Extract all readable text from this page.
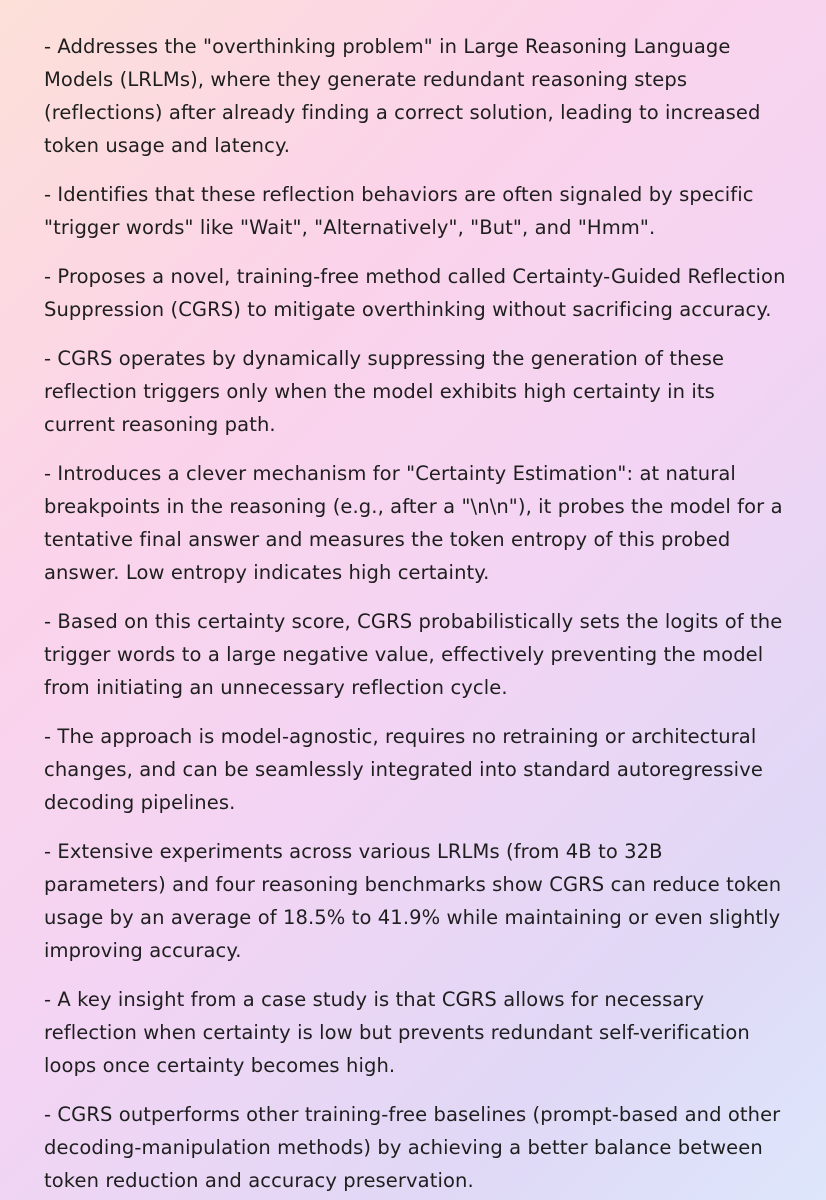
- Addresses the "overthinking problem" in Large Reasoning Language Models (LRLMs), where they generate redundant reasoning steps (reflections) after already finding a correct solution, leading to increased token usage and latency.

- Identifies that these reflection behaviors are often signaled by specific "trigger words" like "Wait", "Alternatively", "But", and "Hmm".

- Proposes a novel, training-free method called Certainty-Guided Reflection Suppression (CGRS) to mitigate overthinking without sacrificing accuracy.

- CGRS operates by dynamically suppressing the generation of these reflection triggers only when the model exhibits high certainty in its current reasoning path.

- Introduces a clever mechanism for "Certainty Estimation": at natural breakpoints in the reasoning (e.g., after a "\n\n"), it probes the model for a tentative final answer and measures the token entropy of this probed answer. Low entropy indicates high certainty.

- Based on this certainty score, CGRS probabilistically sets the logits of the trigger words to a large negative value, effectively preventing the model from initiating an unnecessary reflection cycle.

- The approach is model-agnostic, requires no retraining or architectural changes, and can be seamlessly integrated into standard autoregressive decoding pipelines.

- Extensive experiments across various LRLMs (from 4B to 32B parameters) and four reasoning benchmarks show CGRS can reduce token usage by an average of 18.5% to 41.9% while maintaining or even slightly improving accuracy.

- A key insight from a case study is that CGRS allows for necessary reflection when certainty is low but prevents redundant self-verification loops once certainty becomes high.

- CGRS outperforms other training-free baselines (prompt-based and other decoding-manipulation methods) by achieving a better balance between token reduction and accuracy preservation.
